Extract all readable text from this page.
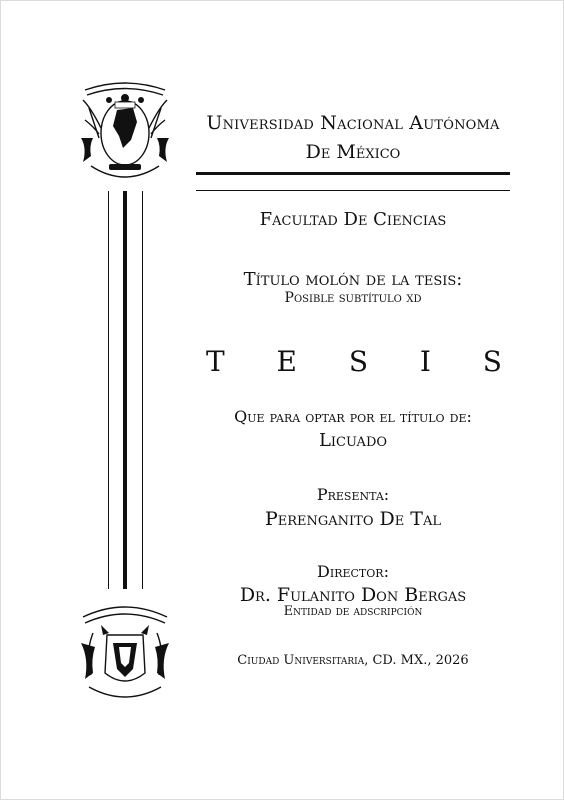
Universidad Nacional Autónoma
De México
Facultad De Ciencias
Título molón de la tesis:
Posible subtítulo xd
T E S I S
Que para optar por el título de:
Licuado
Presenta:
Perenganito De Tal
Director:
Dr. Fulanito Don Bergas
Entidad de adscripción
Ciudad Universitaria, CD. MX., 2026
